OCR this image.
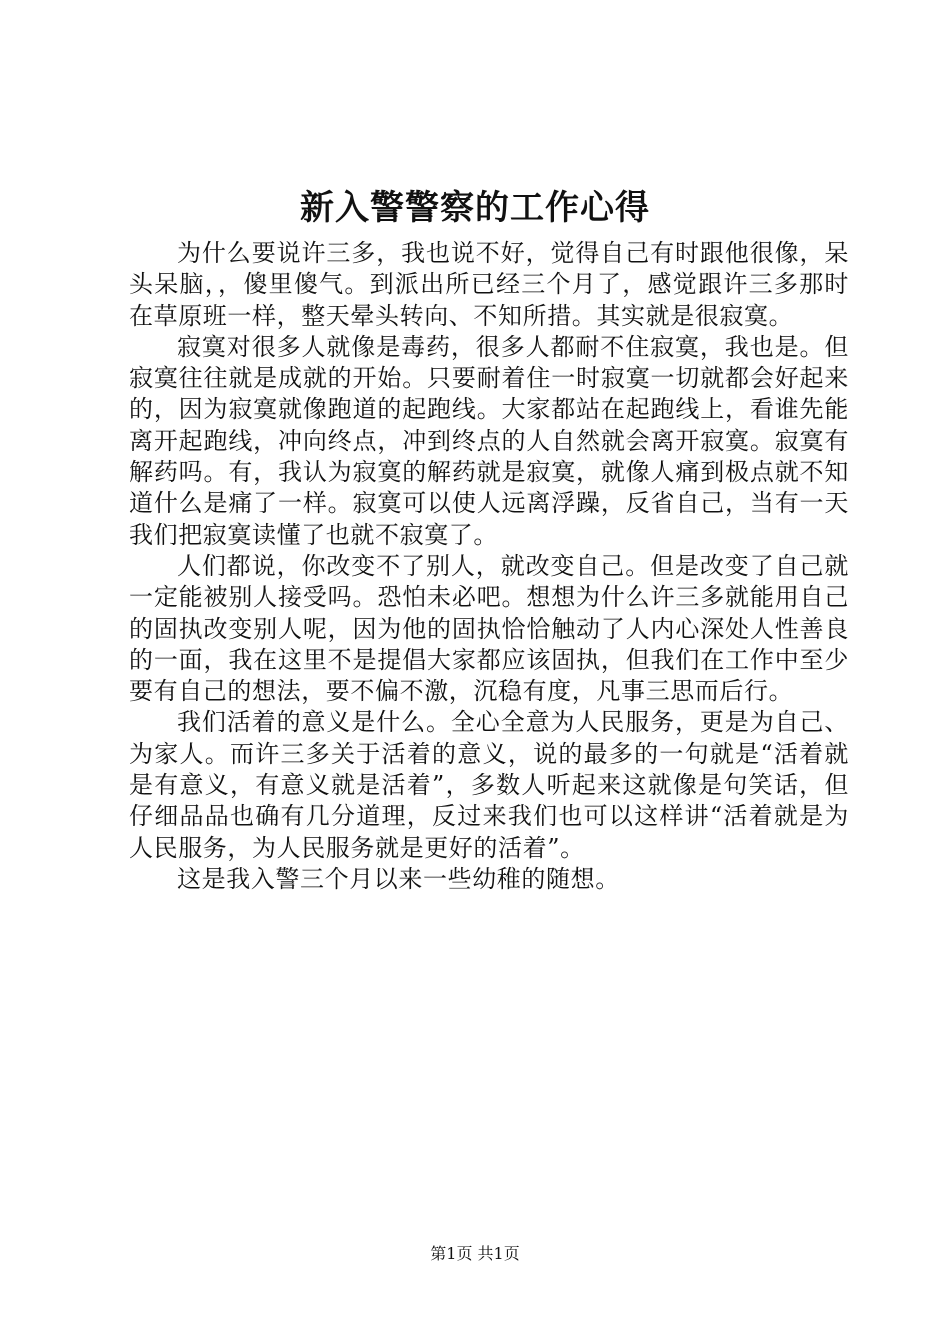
新入警警察的工作心得

为什么要说许三多，我也说不好，觉得自己有时跟他很像，呆头呆脑，，傻里傻气。到派出所已经三个月了，感觉跟许三多那时在草原班一样，整天晕头转向、不知所措。其实就是很寂寞。

寂寞对很多人就像是毒药，很多人都耐不住寂寞，我也是。但寂寞往往就是成就的开始。只要耐着住一时寂寞一切就都会好起来的，因为寂寞就像跑道的起跑线。大家都站在起跑线上，看谁先能离开起跑线，冲向终点，冲到终点的人自然就会离开寂寞。寂寞有解药吗。有，我认为寂寞的解药就是寂寞，就像人痛到极点就不知道什么是痛了一样。寂寞可以使人远离浮躁，反省自己，当有一天我们把寂寞读懂了也就不寂寞了。

人们都说，你改变不了别人，就改变自己。但是改变了自己就一定能被别人接受吗。恐怕未必吧。想想为什么许三多就能用自己的固执改变别人呢，因为他的固执恰恰触动了人内心深处人性善良的一面，我在这里不是提倡大家都应该固执，但我们在工作中至少要有自己的想法，要不偏不激，沉稳有度，凡事三思而后行。

我们活着的意义是什么。全心全意为人民服务，更是为自己、为家人。而许三多关于活着的意义，说的最多的一句就是“活着就是有意义，有意义就是活着”，多数人听起来这就像是句笑话，但仔细品品也确有几分道理，反过来我们也可以这样讲“活着就是为人民服务，为人民服务就是更好的活着”。

这是我入警三个月以来一些幼稚的随想。

第1页 共1页
